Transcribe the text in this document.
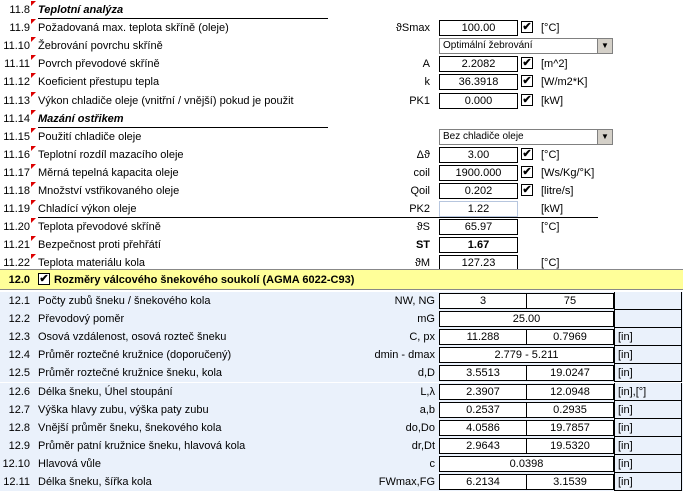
11.8 Teplotní analýza
11.9 Požadovaná max. teplota skříně (oleje)	ϑSmax	100.00	✔ [°C]
11.10 Žebrování povrchu skříně	Optimální žebrování	▼
11.11 Povrch převodové skříně	A	2.2082	✔ [m^2]
11.12 Koeficient přestupu tepla	k	36.3918	✔ [W/m2*K]
11.13 Výkon chladiče oleje (vnitřní / vnější) pokud je použit	PK1	0.000	✔ [kW]
11.14 Mazání ostřikem
11.15 Použití chladiče oleje	Bez chladiče oleje	▼
11.16 Teplotní rozdíl mazacího oleje	Δϑ	3.00	✔ [°C]
11.17 Měrná tepelná kapacita oleje	coil	1900.000	✔ [Ws/Kg/°K]
11.18 Množství vstřikovaného oleje	Qoil	0.202	✔ [litre/s]
11.19 Chladící výkon oleje	PK2	1.22	[kW]
11.20 Teplota převodové skříně	ϑS	65.97	[°C]
11.21 Bezpečnost proti přehřátí	ST	1.67
11.22 Teplota materiálu kola	ϑM	127.23	[°C]
12.0 ✔ Rozměry válcového šnekového soukolí (AGMA 6022-C93)
12.1 Počty zubů šneku / šnekového kola	NW, NG	3	75
12.2 Převodový poměr	mG	25.00
12.3 Osová vzdálenost, osová rozteč šneku	C, px	11.288	0.7969	[in]
12.4 Průměr roztečné kružnice (doporučený)	dmin - dmax	2.779 - 5.211	[in]
12.5 Průměr roztečné kružnice šneku, kola	d,D	3.5513	19.0247	[in]
12.6 Délka šneku, Úhel stoupání	L,λ	2.3907	12.0948	[in],[°]
12.7 Výška hlavy zubu, výška paty zubu	a,b	0.2537	0.2935	[in]
12.8 Vnější průměr šneku, šnekového kola	do,Do	4.0586	19.7857	[in]
12.9 Průměr patní kružnice šneku, hlavová kola	dr,Dt	2.9643	19.5320	[in]
12.10 Hlavová vůle	c	0.0398	[in]
12.11 Délka šneku, šířka kola	FWmax,FG	6.2134	3.1539	[in]
